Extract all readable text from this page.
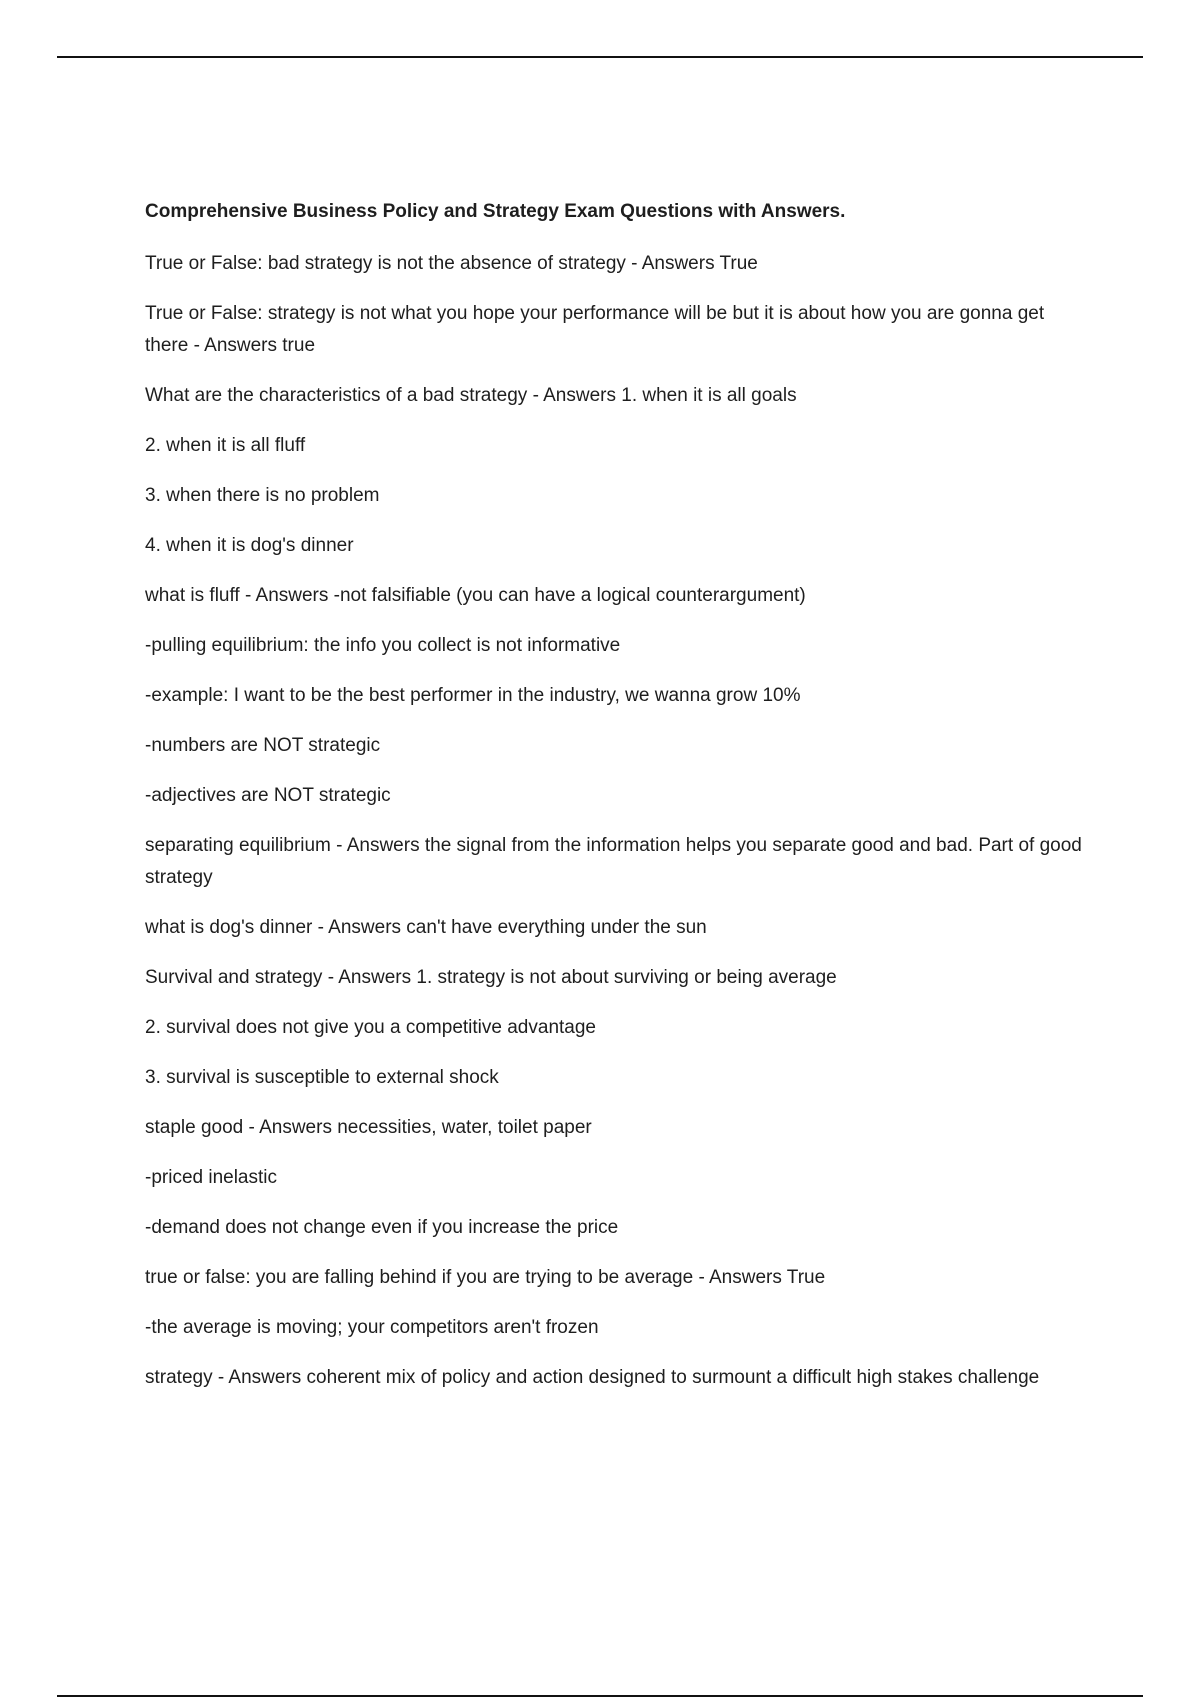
Comprehensive Business Policy and Strategy Exam Questions with Answers.

True or False: bad strategy is not the absence of strategy - Answers True

True or False: strategy is not what you hope your performance will be but it is about how you are gonna get there - Answers true

What are the characteristics of a bad strategy - Answers 1. when it is all goals

2. when it is all fluff

3. when there is no problem

4. when it is dog's dinner

what is fluff - Answers -not falsifiable (you can have a logical counterargument)

-pulling equilibrium: the info you collect is not informative

-example: I want to be the best performer in the industry, we wanna grow 10%

-numbers are NOT strategic

-adjectives are NOT strategic

separating equilibrium - Answers the signal from the information helps you separate good and bad. Part of good strategy

what is dog's dinner - Answers can't have everything under the sun

Survival and strategy - Answers 1. strategy is not about surviving or being average

2. survival does not give you a competitive advantage

3. survival is susceptible to external shock

staple good - Answers necessities, water, toilet paper

-priced inelastic

-demand does not change even if you increase the price

true or false: you are falling behind if you are trying to be average - Answers True

-the average is moving; your competitors aren't frozen

strategy - Answers coherent mix of policy and action designed to surmount a difficult high stakes challenge
